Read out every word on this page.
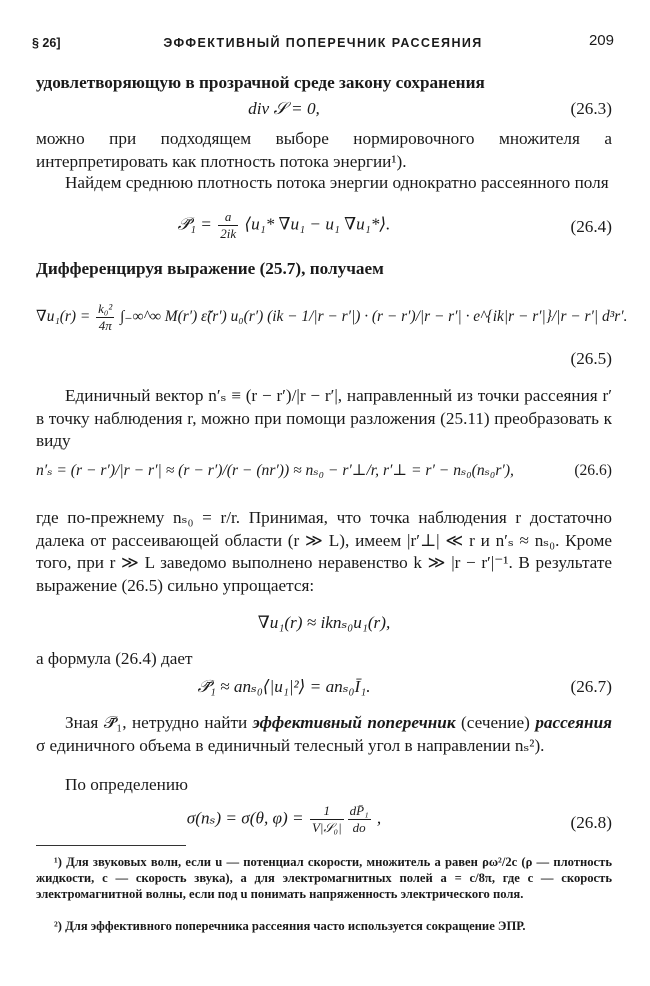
§ 26]	ЭФФЕКТИВНЫЙ ПОПЕРЕЧНИК РАССЕЯНИЯ	209
удовлетворяющую в прозрачной среде закону сохранения
div 𝒮 = 0,	(26.3)
можно при подходящем выборе нормировочного множителя a интерпретировать как плотность потока энергии¹).
Найдем среднюю плотность потока энергии однократно рассеянного поля
𝒫̄₁ = $\frac{a}{2ik}$ ⟨u₁* ∇u₁ − u₁ ∇u₁*⟩.	(26.4)
Дифференцируя выражение (25.7), получаем
$\nabla u_1(r) = \frac{\text{k₀²}}{4\pi}$ ∫₋∞^∞ M(r′) ε̃(r′) u₀(r′) (ik − 1/|r − r′|) · (r − r′)/|r − r′| · e^{ik|r − r′|}/|r − r′| d³r′.
(26.5)
Единичный вектор n′ₛ ≡ (r − r′)/|r − r′|, направленный из точки рассеяния r′ в точку наблюдения r, можно при помощи разложения (25.11) преобразовать к виду
n′ₛ = (r − r′)/|r − r′| ≈ (r − r′)/(r − (nr′)) ≈ nₛ₀ − r′⊥/r, r′⊥ = r′ − nₛ₀(nₛ₀r′),	(26.6)
где по-прежнему nₛ₀ = r/r. Принимая, что точка наблюдения r достаточно далека от рассеивающей области (r ≫ L), имеем |r′⊥| ≪ r и n′ₛ ≈ nₛ₀. Кроме того, при r ≫ L заведомо выполнено неравенство k ≫ |r − r′|⁻¹. В результате выражение (26.5) сильно упрощается:
∇u₁(r) ≈ iknₛ₀u₁(r),
а формула (26.4) дает
𝒫̄₁ ≈ anₛ₀⟨|u₁|²⟩ = anₛ₀Ī₁.	(26.7)
Зная 𝒫̄₁, нетрудно найти эффективный поперечник (сечение) рассеяния σ единичного объема в единичный телесный угол в направлении nₛ²).
По определению
σ(nₛ) = σ(θ, $\varphi) = \frac{1}{\text{V|𝒮₀|}} \frac{\text{dP̄₁}}{do}$ ,	(26.8)
¹) Для звуковых волн, если u — потенциал скорости, множитель a равен ρω²/2c (ρ — плотность жидкости, c — скорость звука), а для электромагнитных полей a = c/8π, где c — скорость электромагнитной волны, если под u понимать напряженность электрического поля.
²) Для эффективного поперечника рассеяния часто используется сокращение ЭПР.
